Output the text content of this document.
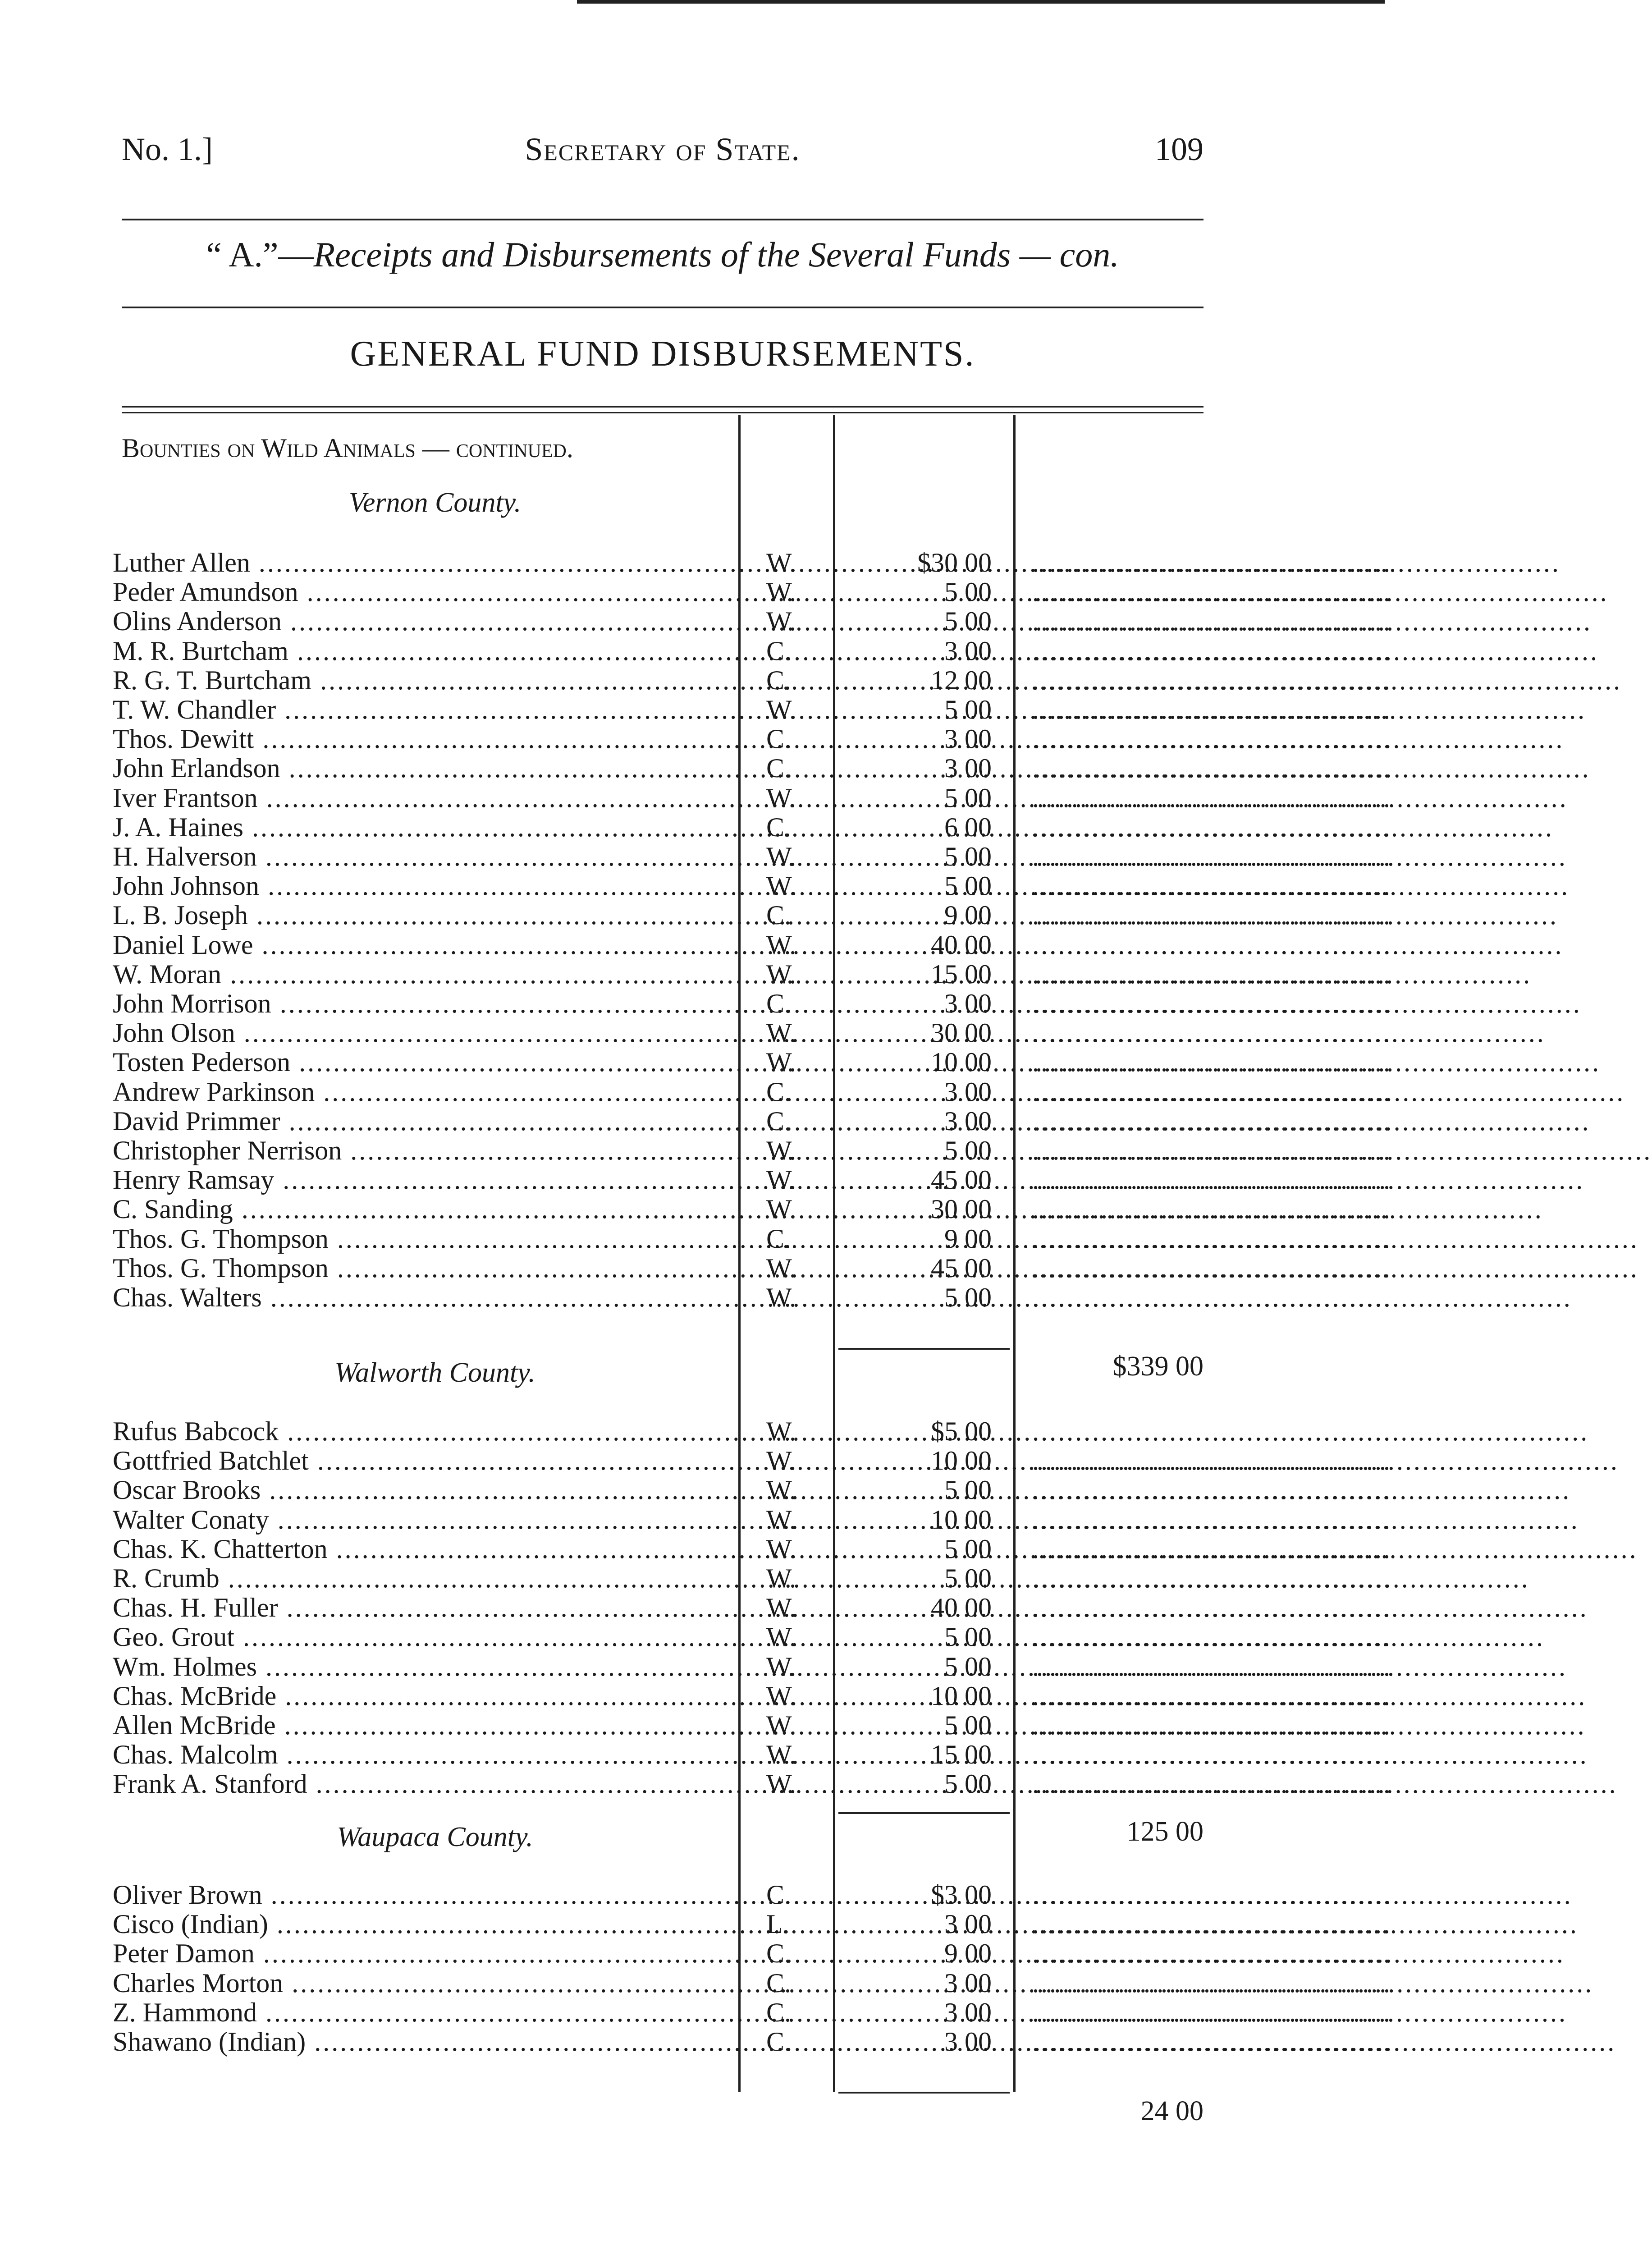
No. 1.]	Secretary of State.	109
“ A.”—Receipts and Disbursements of the Several Funds — con.
GENERAL FUND DISBURSEMENTS.
Bounties on Wild Animals — continued.
Vernon County.
Luther Allen .....	W.	$30 00 ..........................................
Peder Amundson .....	W.	5 00 ..........................................
Olins Anderson .....	W.	5 00 ..........................................
M. R. Burtcham .....	C.	3 00 ..........................................
R. G. T. Burtcham .....	C.	12 00 ..........................................
T. W. Chandler .....	W.	5 00 ..........................................
Thos. Dewitt .....	C.	3 00 ..........................................
John Erlandson .....	C.	3 00 ..........................................
Iver Frantson .....	W.	5 00 ..........................................
J. A. Haines .....	C.	6 00 ..........................................
H. Halverson .....	W.	5 00 ..........................................
John Johnson .....	W.	5 00 ..........................................
L. B. Joseph .....	C.	9 00 ..........................................
Daniel Lowe .....	W.	40 00 ..........................................
W. Moran .....	W.	15 00 ..........................................
John Morrison .....	C.	3 00 ..........................................
John Olson .....	W.	30 00 ..........................................
Tosten Pederson .....	W.	10 00 ..........................................
Andrew Parkinson .....	C.	3 00 ..........................................
David Primmer .....	C.	3 00 ..........................................
Christopher Nerrison .....	W.	5 00 ..........................................
Henry Ramsay .....	W.	45 00 ..........................................
C. Sanding .....	W.	30 00 ..........................................
Thos. G. Thompson .....	C.	9 00 ..........................................
Thos. G. Thompson .....	W.	45 00 ..........................................
Chas. Walters .....	W.	5 00 ..........................................
$339 00
Walworth County.
Rufus Babcock .....	W.	$5 00 ..........................................
Gottfried Batchlet .....	W.	10 00 ..........................................
Oscar Brooks .....	W.	5 00 ..........................................
Walter Conaty .....	W.	10 00 ..........................................
Chas. K. Chatterton .....	W.	5 00 ..........................................
R. Crumb .....	W.	5 00 ..........................................
Chas. H. Fuller .....	W.	40 00 ..........................................
Geo. Grout .....	W.	5 00 ..........................................
Wm. Holmes .....	W.	5 00 ..........................................
Chas. McBride .....	W.	10 00 ..........................................
Allen McBride .....	W.	5 00 ..........................................
Chas. Malcolm .....	W.	15 00 ..........................................
Frank A. Stanford .....	W.	5 00 ..........................................
125 00
Waupaca County.
Oliver Brown .....	C.	$3 00 ..........................................
Cisco (Indian) .....	L.	3 00 ..........................................
Peter Damon .....	C.	9 00 ..........................................
Charles Morton .....	C.	3 00 ..........................................
Z. Hammond .....	C.	3 00 ..........................................
Shawano (Indian) .....	C.	3 00 ..........................................
24 00
